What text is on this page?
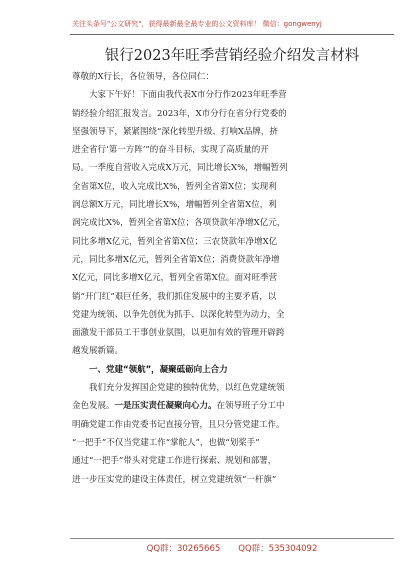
关注头条号"公文研究"，获得最新最全最专业的公文资料库！ 微信：gongwenyj
银行2023年旺季营销经验介绍发言材料
尊敬的X行长，各位领导，各位同仁：
大家下午好！下面由我代表X市分行作2023年旺季营
销经验介绍汇报发言。2023年，X市分行在省分行党委的
坚强领导下，紧紧围绕“深化转型升级、打响X品牌，挤
进全省行‘第一方阵’”的奋斗目标，实现了高质量的开
局。一季度自营收入完成X万元，同比增长X%，增幅暂列
全省第X位，收入完成比X%，暂列全省第X位；实现利
润总额X万元，同比增长X%，增幅暂列全省第X位，利
润完成比X%，暂列全省第X位；各项贷款年净增X亿元，
同比多增X亿元，暂列全省第X位；三农贷款年净增X亿
元，同比多增X亿元，暂列全省第X位；消费贷款年净增
X亿元，同比多增X亿元，暂列全省第X位。面对旺季营
销“开门红”艰巨任务，我们抓住发展中的主要矛盾，以
党建为统领、以争先创优为抓手、以深化转型为动力，全
面激发干部员工干事创业氛围，以更加有效的管理开辟跨
越发展新篇。
一、党建“领航”，凝聚砥砺向上合力
我们充分发挥国企党建的独特优势，以红色党建统领
金色发展。一是压实责任凝聚向心力。在领导班子分工中
明确党建工作由党委书记直接分管，且只分管党建工作。
“一把手”不仅当党建工作“掌舵人”，也做“划桨手”
通过“一把手”带头对党建工作进行探索、规划和部署，
进一步压实党的建设主体责任，树立党建统领“一杆旗”
QQ群：30265665 QQ群：535304092
